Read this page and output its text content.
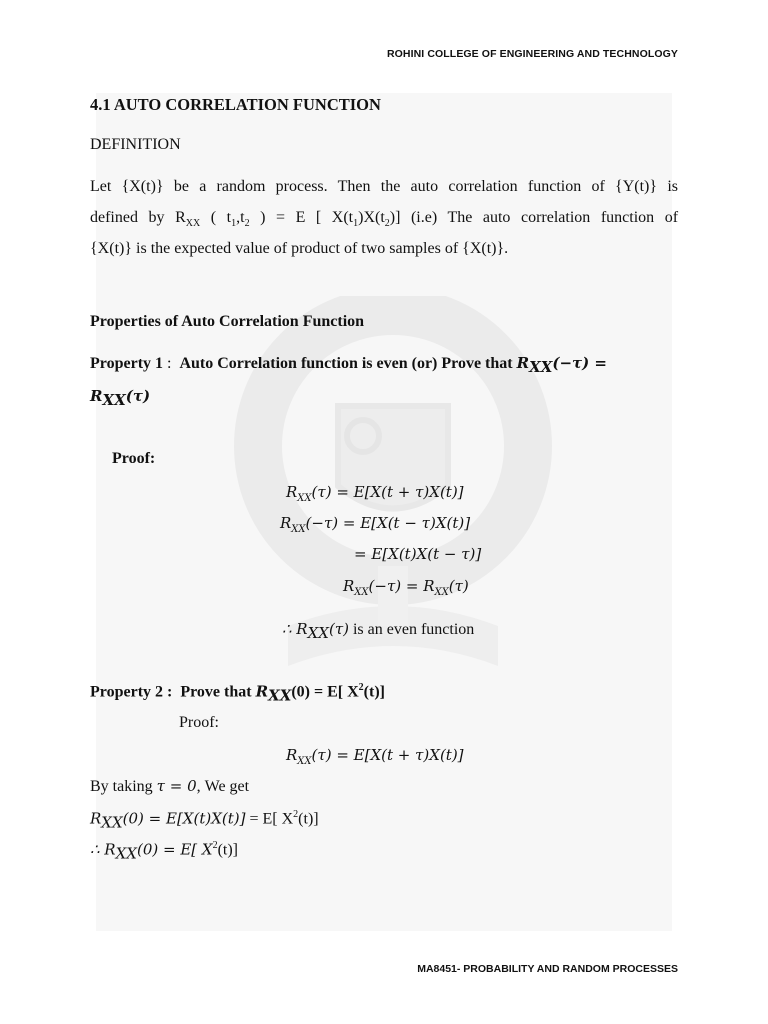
ROHINI COLLEGE OF ENGINEERING AND TECHNOLOGY
4.1 AUTO CORRELATION FUNCTION
DEFINITION
Let {X(t)} be a random process. Then the auto correlation function of {Y(t)} is
defined by $R_{XX}$ ( $t_1,t_2$ ) = E [ $X(t_1)X(t_2)$] (i.e) The auto correlation function of
{X(t)} is the expected value of product of two samples of {X(t)}.
Properties of Auto Correlation Function
Property 1 :  Auto Correlation function is even (or) Prove that $R_{XX}(-\tau)$ =
$R_{XX}(\tau)$
Proof:
$R_{XX}(\tau) = E[X(t + \tau)X(t)]$
$R_{XX}(-\tau) = E[X(t - \tau)X(t)]$
= E[X(t)X(t − τ)]
$R_{XX}(-\tau) = R_{XX}(\tau)$
∴ $R_{XX}(\tau)$ is an even function
Property 2 : Prove that $R_{XX}(0) = E$[ $X^2(t)$]
Proof:
$R_{XX}(\tau) = E[X(t + \tau)X(t)]$
By taking τ = 0, We get
$R_{XX}(0) = E[X(t)X(t)] = E$[ $X^2(t)$]
∴ $R_{XX}(0) = E$[ $X^2(t)$]
MA8451- PROBABILITY AND RANDOM PROCESSES
